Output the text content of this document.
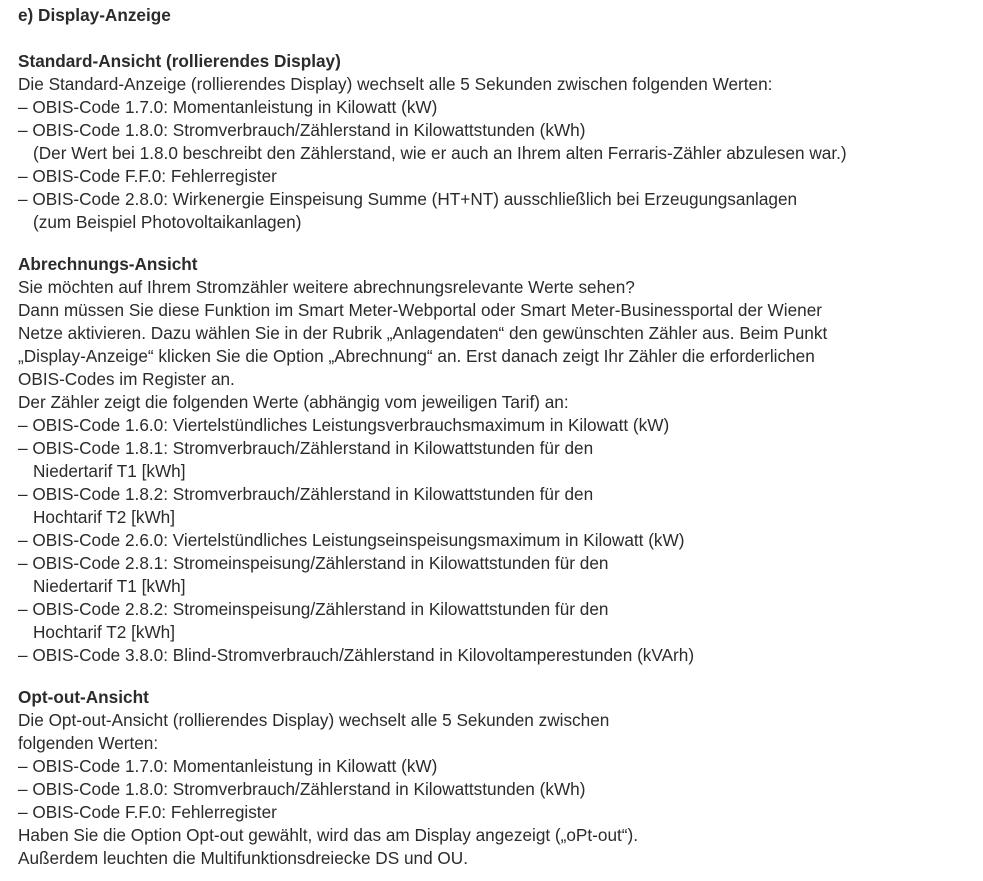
e) Display-Anzeige

Standard-Ansicht (rollierendes Display)

Die Standard-Anzeige (rollierendes Display) wechselt alle 5 Sekunden zwischen folgenden Werten:

– OBIS-Code 1.7.0: Momentanleistung in Kilowatt (kW)

– OBIS-Code 1.8.0: Stromverbrauch/Zählerstand in Kilowattstunden (kWh)

(Der Wert bei 1.8.0 beschreibt den Zählerstand, wie er auch an Ihrem alten Ferraris-Zähler abzulesen war.)

– OBIS-Code F.F.0: Fehlerregister

– OBIS-Code 2.8.0: Wirkenergie Einspeisung Summe (HT+NT) ausschließlich bei Erzeugungsanlagen

(zum Beispiel Photovoltaikanlagen)

Abrechnungs-Ansicht

Sie möchten auf Ihrem Stromzähler weitere abrechnungsrelevante Werte sehen?

Dann müssen Sie diese Funktion im Smart Meter-Webportal oder Smart Meter-Businessportal der Wiener

Netze aktivieren. Dazu wählen Sie in der Rubrik „Anlagendaten“ den gewünschten Zähler aus. Beim Punkt

„Display-Anzeige“ klicken Sie die Option „Abrechnung“ an. Erst danach zeigt Ihr Zähler die erforderlichen

OBIS-Codes im Register an.

Der Zähler zeigt die folgenden Werte (abhängig vom jeweiligen Tarif) an:

– OBIS-Code 1.6.0: Viertelstündliches Leistungsverbrauchsmaximum in Kilowatt (kW)

– OBIS-Code 1.8.1: Stromverbrauch/Zählerstand in Kilowattstunden für den

Niedertarif T1 [kWh]

– OBIS-Code 1.8.2: Stromverbrauch/Zählerstand in Kilowattstunden für den

Hochtarif T2 [kWh]

– OBIS-Code 2.6.0: Viertelstündliches Leistungseinspeisungsmaximum in Kilowatt (kW)

– OBIS-Code 2.8.1: Stromeinspeisung/Zählerstand in Kilowattstunden für den

Niedertarif T1 [kWh]

– OBIS-Code 2.8.2: Stromeinspeisung/Zählerstand in Kilowattstunden für den

Hochtarif T2 [kWh]

– OBIS-Code 3.8.0: Blind-Stromverbrauch/Zählerstand in Kilovoltamperestunden (kVArh)

Opt-out-Ansicht

Die Opt-out-Ansicht (rollierendes Display) wechselt alle 5 Sekunden zwischen

folgenden Werten:

– OBIS-Code 1.7.0: Momentanleistung in Kilowatt (kW)

– OBIS-Code 1.8.0: Stromverbrauch/Zählerstand in Kilowattstunden (kWh)

– OBIS-Code F.F.0: Fehlerregister

Haben Sie die Option Opt-out gewählt, wird das am Display angezeigt („oPt-out“).

Außerdem leuchten die Multifunktionsdreiecke DS und OU.
